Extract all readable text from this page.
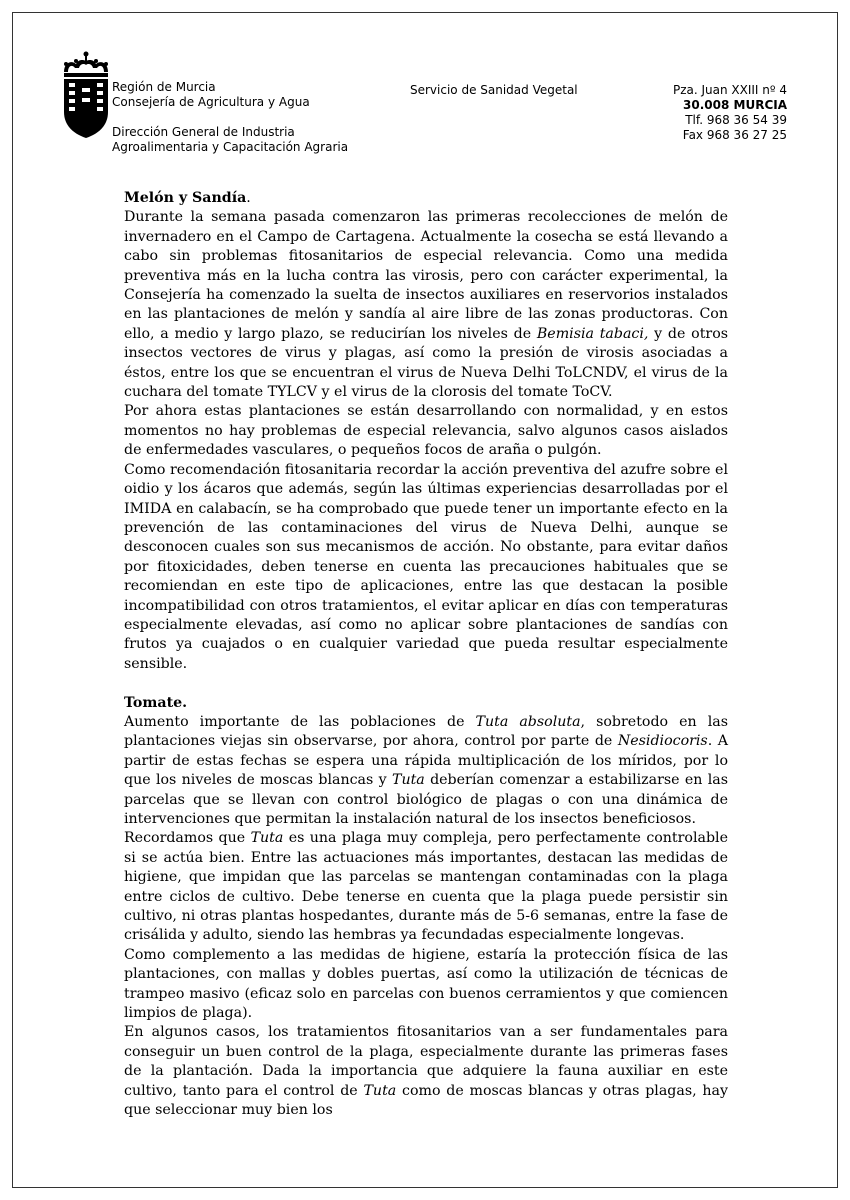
Región de Murcia
Consejería de Agricultura y Agua
Dirección General de Industria
Agroalimentaria y Capacitación Agraria
Servicio de Sanidad Vegetal	Pza. Juan XXIII nº 4
30.008 MURCIA
Tlf. 968 36 54 39
Fax 968 36 27 25
Melón y Sandía.

Durante la semana pasada comenzaron las primeras recolecciones de melón de invernadero en el Campo de Cartagena. Actualmente la cosecha se está llevando a cabo sin problemas fitosanitarios de especial relevancia. Como una medida preventiva más en la lucha contra las virosis, pero con carácter experimental, la Consejería ha comenzado la suelta de insectos auxiliares en reservorios instalados en las plantaciones de melón y sandía al aire libre de las zonas productoras. Con ello, a medio y largo plazo, se reducirían los niveles de Bemisia tabaci, y de otros insectos vectores de virus y plagas, así como la presión de virosis asociadas a éstos, entre los que se encuentran el virus de Nueva Delhi ToLCNDV, el virus de la cuchara del tomate TYLCV y el virus de la clorosis del tomate ToCV.

Por ahora estas plantaciones se están desarrollando con normalidad, y en estos momentos no hay problemas de especial relevancia, salvo algunos casos aislados de enfermedades vasculares, o pequeños focos de araña o pulgón.

Como recomendación fitosanitaria recordar la acción preventiva del azufre sobre el oidio y los ácaros que además, según las últimas experiencias desarrolladas por el IMIDA en calabacín, se ha comprobado que puede tener un importante efecto en la prevención de las contaminaciones del virus de Nueva Delhi, aunque se desconocen cuales son sus mecanismos de acción. No obstante, para evitar daños por fitoxicidades, deben tenerse en cuenta las precauciones habituales que se recomiendan en este tipo de aplicaciones, entre las que destacan la posible incompatibilidad con otros tratamientos, el evitar aplicar en días con temperaturas especialmente elevadas, así como no aplicar sobre plantaciones de sandías con frutos ya cuajados o en cualquier variedad que pueda resultar especialmente sensible.

Tomate.

Aumento importante de las poblaciones de Tuta absoluta, sobretodo en las plantaciones viejas sin observarse, por ahora, control por parte de Nesidiocoris. A partir de estas fechas se espera una rápida multiplicación de los míridos, por lo que los niveles de moscas blancas y Tuta deberían comenzar a estabilizarse en las parcelas que se llevan con control biológico de plagas o con una dinámica de intervenciones que permitan la instalación natural de los insectos beneficiosos.

Recordamos que Tuta es una plaga muy compleja, pero perfectamente controlable si se actúa bien. Entre las actuaciones más importantes, destacan las medidas de higiene, que impidan que las parcelas se mantengan contaminadas con la plaga entre ciclos de cultivo. Debe tenerse en cuenta que la plaga puede persistir sin cultivo, ni otras plantas hospedantes, durante más de 5-6 semanas, entre la fase de crisálida y adulto, siendo las hembras ya fecundadas especialmente longevas.

Como complemento a las medidas de higiene, estaría la protección física de las plantaciones, con mallas y dobles puertas, así como la utilización de técnicas de trampeo masivo (eficaz solo en parcelas con buenos cerramientos y que comiencen limpios de plaga).

En algunos casos, los tratamientos fitosanitarios van a ser fundamentales para conseguir un buen control de la plaga, especialmente durante las primeras fases de la plantación. Dada la importancia que adquiere la fauna auxiliar en este cultivo, tanto para el control de Tuta como de moscas blancas y otras plagas, hay que seleccionar muy bien los
